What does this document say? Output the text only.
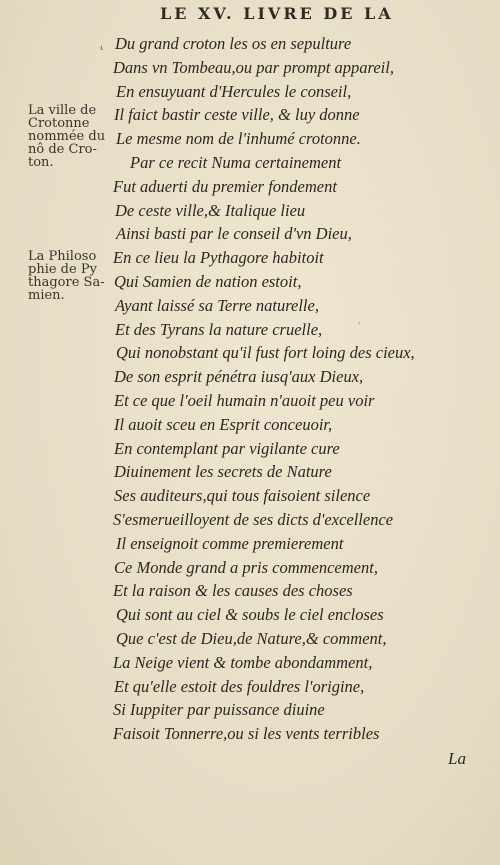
LE XV. LIVRE DE LA
Du grand croton les os en sepulture
Dans vn Tombeau,ou par prompt appareil,
En ensuyuant d'Hercules le conseil,
Il faict bastir ceste ville, & luy donne
Le mesme nom de l'inhumé crotonne.
Par ce recit Numa certainement
Fut aduerti du premier fondement
De ceste ville,& Italique lieu
Ainsi basti par le conseil d'vn Dieu,
En ce lieu la Pythagore habitoit
Qui Samien de nation estoit,
Ayant laissé sa Terre naturelle,
Et des Tyrans la nature cruelle,
Qui nonobstant qu'il fust fort loing des cieux,
De son esprit pénétra iusq'aux Dieux,
Et ce que l'oeil humain n'auoit peu voir
Il auoit sceu en Esprit conceuoir,
En contemplant par vigilante cure
Diuinement les secrets de Nature
Ses auditeurs,qui tous faisoient silence
S'esmerueilloyent de ses dicts d'excellence
Il enseignoit comme premierement
Ce Monde grand a pris commencement,
Et la raison & les causes des choses
Qui sont au ciel & soubs le ciel encloses
Que c'est de Dieu,de Nature,& comment,
La Neige vient & tombe abondamment,
Et qu'elle estoit des fouldres l'origine,
Si Iuppiter par puissance diuine
Faisoit Tonnerre,ou si les vents terribles
La ville de
Crotonne
nommée du
nô de Cro-
ton.
La Philoso
phie de Py
thagore Sa-
mien.
⸤
′
La
